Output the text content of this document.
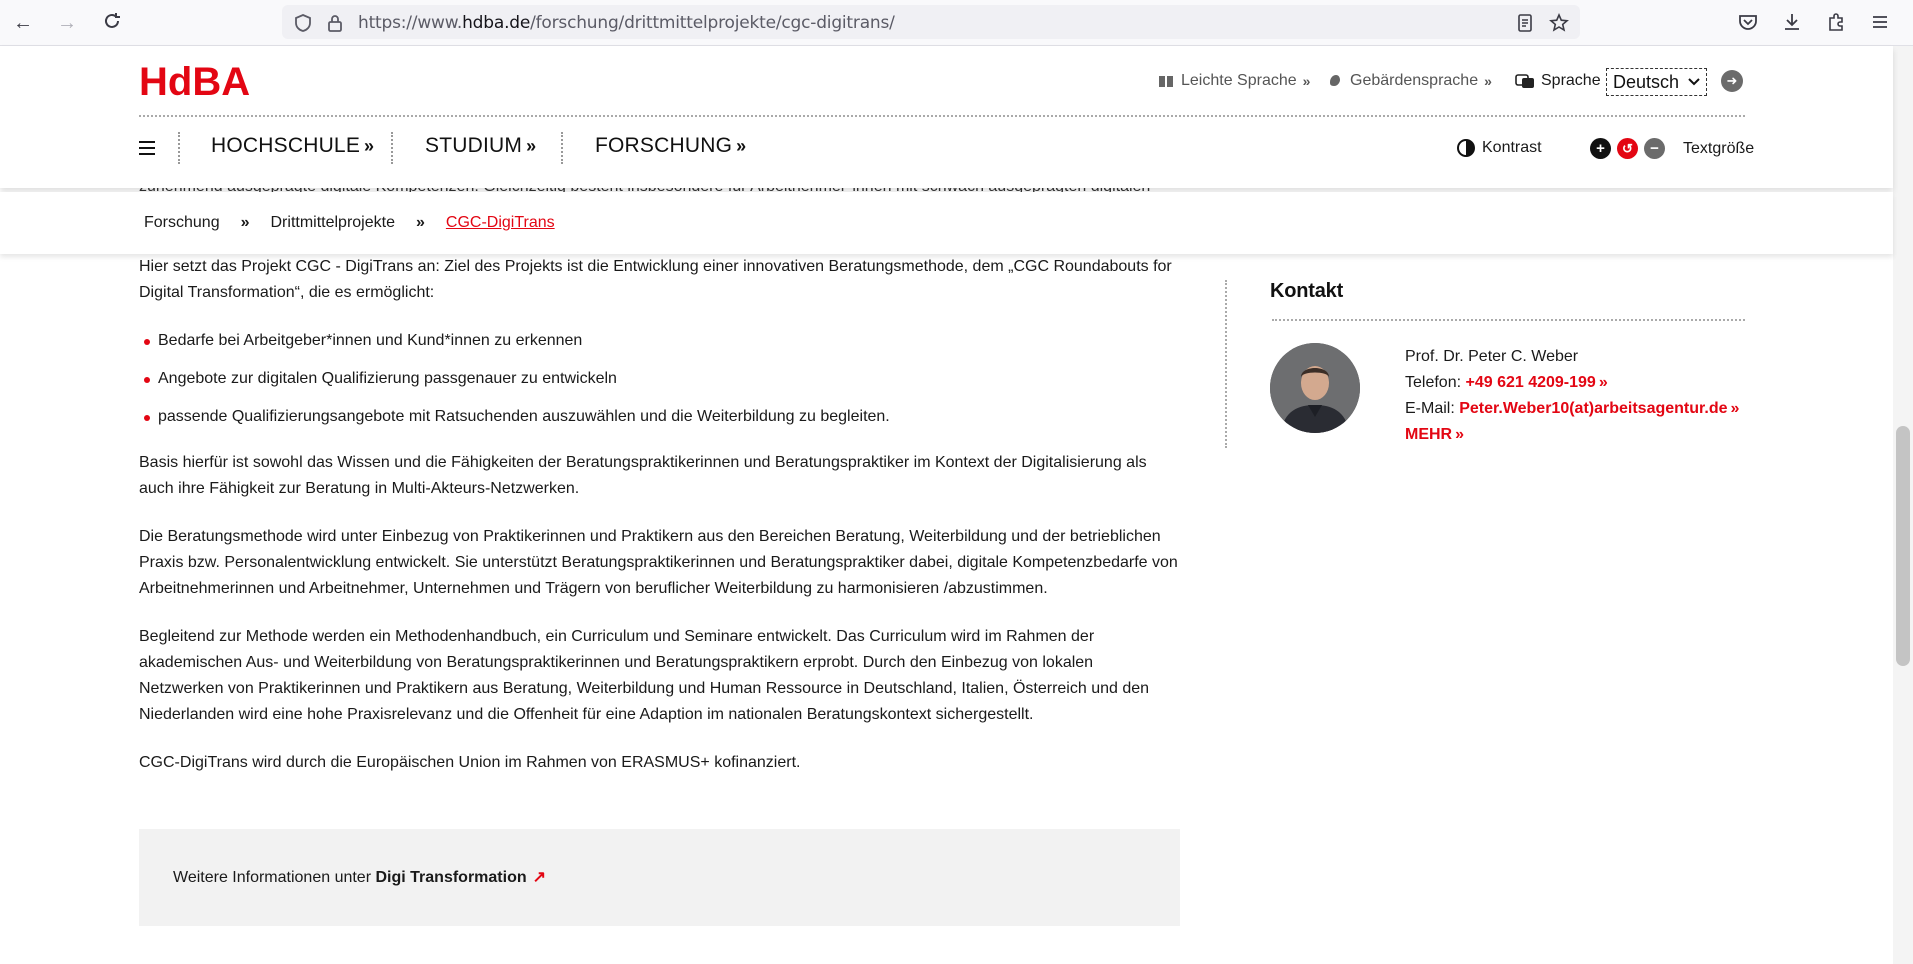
← →	https://www.hdba.de/forschung/drittmittelprojekte/cgc-digitrans/
HdBA	Leichte Sprache » Gebärdensprache »	Sprache Deutsch	➜
HOCHSCHULE » STUDIUM »	FORSCHUNG »	Kontrast	+	↺	−	Textgröße
Forschung » Drittmittelprojekte » CGC-DigiTrans

Hier setzt das Projekt CGC - DigiTrans an: Ziel des Projekts ist die Entwicklung einer innovativen Beratungsmethode, dem „CGC Roundabouts for Digital Transformation“, die es ermöglicht:

Bedarfe bei Arbeitgeber*innen und Kund*innen zu erkennen
Angebote zur digitalen Qualifizierung passgenauer zu entwickeln
passende Qualifizierungsangebote mit Ratsuchenden auszuwählen und die Weiterbildung zu begleiten.

Basis hierfür ist sowohl das Wissen und die Fähigkeiten der Beratungspraktikerinnen und Beratungspraktiker im Kontext der Digitalisierung als auch ihre Fähigkeit zur Beratung in Multi-Akteurs-Netzwerken.

Die Beratungsmethode wird unter Einbezug von Praktikerinnen und Praktikern aus den Bereichen Beratung, Weiterbildung und der betrieblichen Praxis bzw. Personalentwicklung entwickelt. Sie unterstützt Beratungspraktikerinnen und Beratungspraktiker dabei, digitale Kompetenzbedarfe von Arbeitnehmerinnen und Arbeitnehmer, Unternehmen und Trägern von beruflicher Weiterbildung zu harmonisieren /abzustimmen.

Begleitend zur Methode werden ein Methodenhandbuch, ein Curriculum und Seminare entwickelt. Das Curriculum wird im Rahmen der akademischen Aus- und Weiterbildung von Beratungspraktikerinnen und Beratungspraktikern erprobt. Durch den Einbezug von lokalen Netzwerken von Praktikerinnen und Praktikern aus Beratung, Weiterbildung und Human Ressource in Deutschland, Italien, Österreich und den Niederlanden wird eine hohe Praxisrelevanz und die Offenheit für eine Adaption im nationalen Beratungskontext sichergestellt.

CGC-DigiTrans wird durch die Europäischen Union im Rahmen von ERASMUS+ kofinanziert.

Weitere Informationen unter Digi Transformation ↗
Kontakt
Prof. Dr. Peter C. Weber
Telefon: +49 621 4209-199 »
E-Mail: Peter.Weber10(at)arbeitsagentur.de »
MEHR »
